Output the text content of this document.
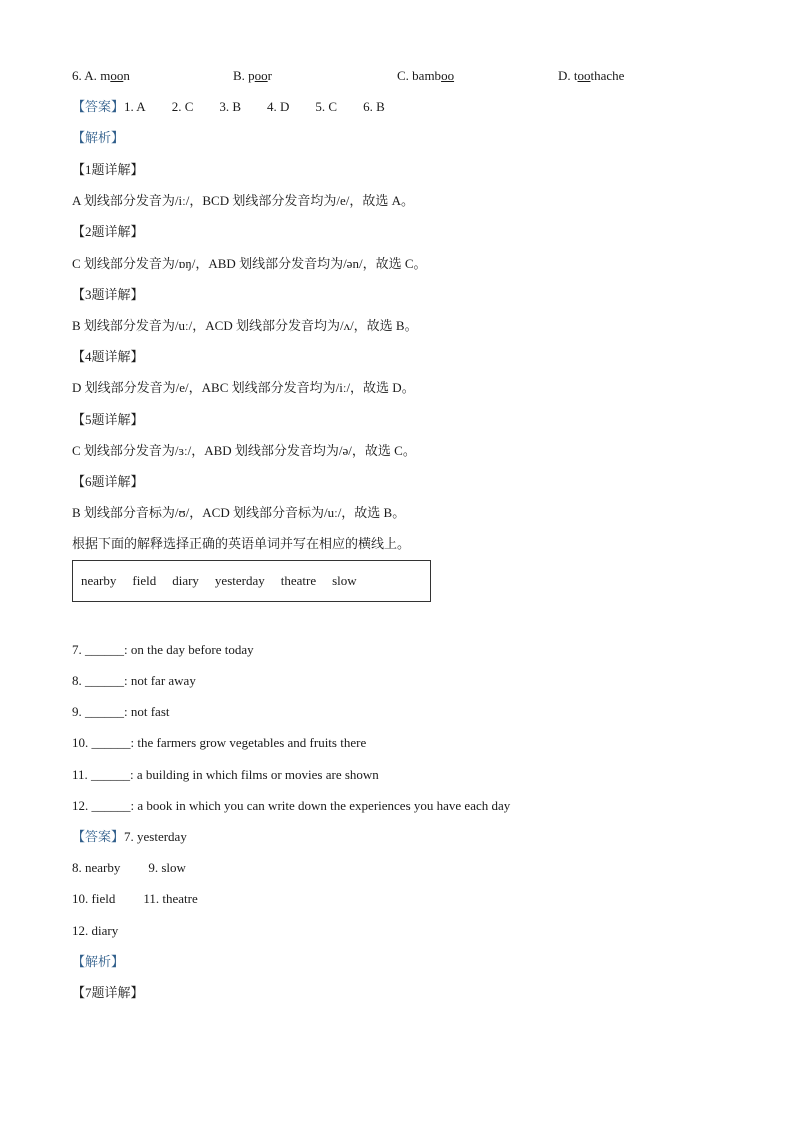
6. A. moon	B. poor	C. bamboo	D. toothache
【答案】1. A 2. C 3. B 4. D 5. C 6. B
【解析】
【1题详解】
A 划线部分发音为/iː/，BCD 划线部分发音均为/e/，故选 A。
【2题详解】
C 划线部分发音为/ɒŋ/，ABD 划线部分发音均为/ən/，故选 C。
【3题详解】
B 划线部分发音为/uː/，ACD 划线部分发音均为/ʌ/，故选 B。
【4题详解】
D 划线部分发音为/e/，ABC 划线部分发音均为/iː/，故选 D。
【5题详解】
C 划线部分发音为/ɜː/，ABD 划线部分发音均为/ə/，故选 C。
【6题详解】
B 划线部分音标为/ʊ/，ACD 划线部分音标为/uː/，故选 B。
根据下面的解释选择正确的英语单词并写在相应的横线上。
nearby field diary yesterday theatre slow
7. ______: on the day before today
8. ______: not far away
9. ______: not fast
10. ______: the farmers grow vegetables and fruits there
11. ______: a building in which films or movies are shown
12. ______: a book in which you can write down the experiences you have each day
【答案】7. yesterday
8. nearby 9. slow
10. field 11. theatre
12. diary
【解析】
【7题详解】
